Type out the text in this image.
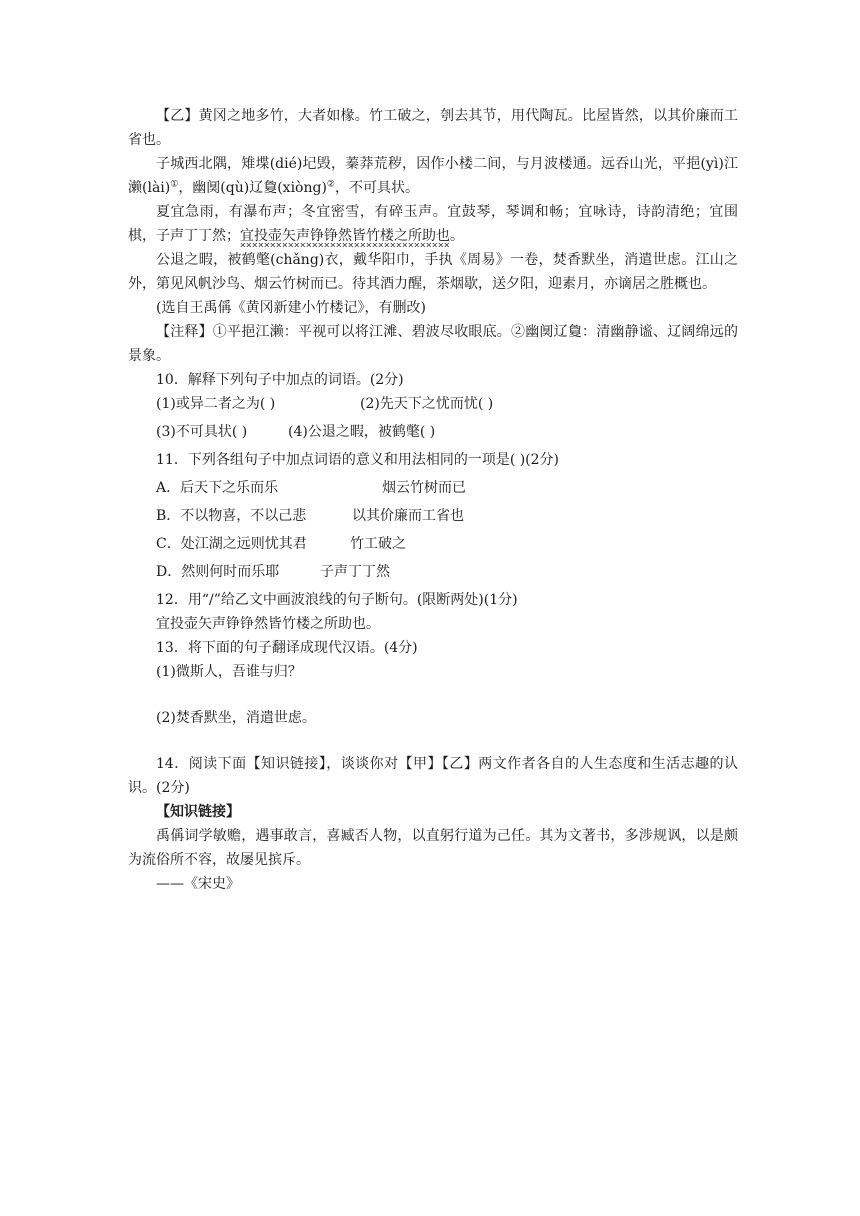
【乙】黄冈之地多竹，大者如椽。竹工破之，刳去其节，用代陶瓦。比屋皆然，以其价廉而工省也。

子城西北隅，雉堞(dié)圮毁，蓁莽荒秽，因作小楼二间，与月波楼通。远吞山光，平挹(yì)江濑(lài)①，幽阒(qù)辽敻(xiòng)②，不可具状。

夏宜急雨，有瀑布声；冬宜密雪，有碎玉声。宜鼓琴，琴调和畅；宜咏诗，诗韵清绝；宜围棋，子声丁丁然；宜投壶矢声铮铮然皆竹楼之所助也。

公退之暇，被鹤氅(chǎng)衣，戴华阳巾，手执《周易》一卷，焚香默坐，消遣世虑。江山之外，第见风帆沙鸟、烟云竹树而已。待其酒力醒，茶烟歇，送夕阳，迎素月，亦谪居之胜概也。

(选自王禹偁《黄冈新建小竹楼记》，有删改)

【注释】①平挹江濑：平视可以将江滩、碧波尽收眼底。②幽阒辽敻：清幽静谧、辽阔绵远的景象。

10．解释下列句子中加点的词语。(2分)

(1)或异二者之为( )	(2)先天下之忧而忧( )
(3)不可具状( )	(4)公退之暇，被鹤氅( )

11．下列各组句子中加点词语的意义和用法相同的一项是( )(2分)

A．后天下之乐而乐	烟云竹树而已
B．不以物喜，不以己悲	以其价廉而工省也
C．处江湖之远则忧其君	竹工破之
D．然则何时而乐耶	子声丁丁然

12．用“/”给乙文中画波浪线的句子断句。(限断两处)(1分)

宜投壶矢声铮铮然皆竹楼之所助也。

13．将下面的句子翻译成现代汉语。(4分)

(1)微斯人，吾谁与归？

(2)焚香默坐，消遣世虑。

14．阅读下面【知识链接】，谈谈你对【甲】【乙】两文作者各自的人生态度和生活志趣的认识。(2分)

【知识链接】

禹偁词学敏赡，遇事敢言，喜臧否人物，以直躬行道为己任。其为文著书，多涉规讽，以是颇为流俗所不容，故屡见摈斥。

——《宋史》
